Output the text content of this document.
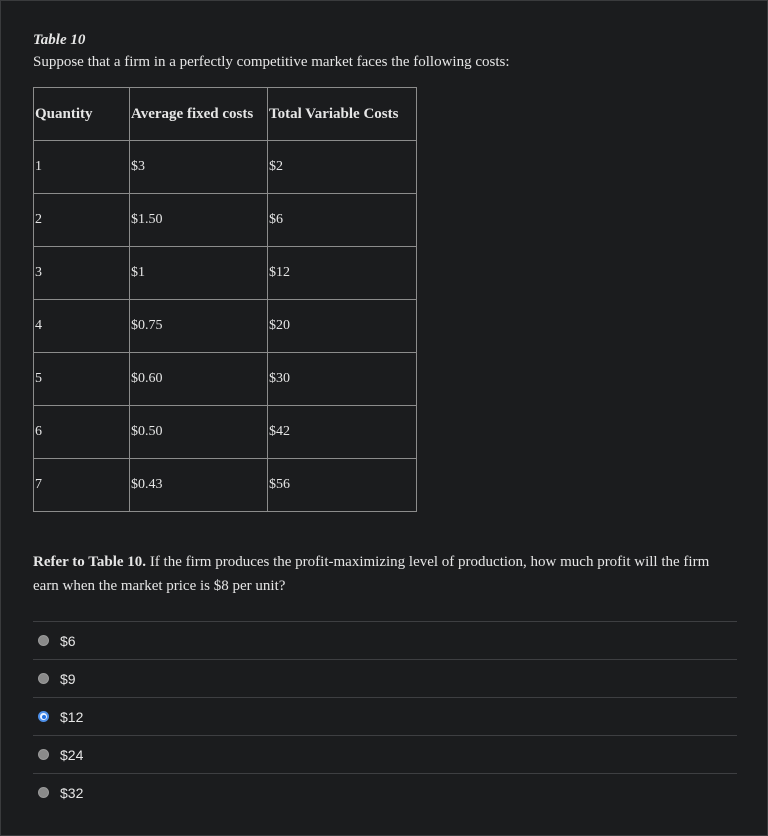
Table 10
Suppose that a firm in a perfectly competitive market faces the following costs:
Quantity	Average fixed costs	Total Variable Costs
1	$3	$2
2	$1.50	$6
3	$1	$12
4	$0.75	$20
5	$0.60	$30
6	$0.50	$42
7	$0.43	$56
Refer to Table 10. If the firm produces the profit-maximizing level of production, how much profit will the firm earn when the market price is $8 per unit?
$6
$9
$12
$24
$32
